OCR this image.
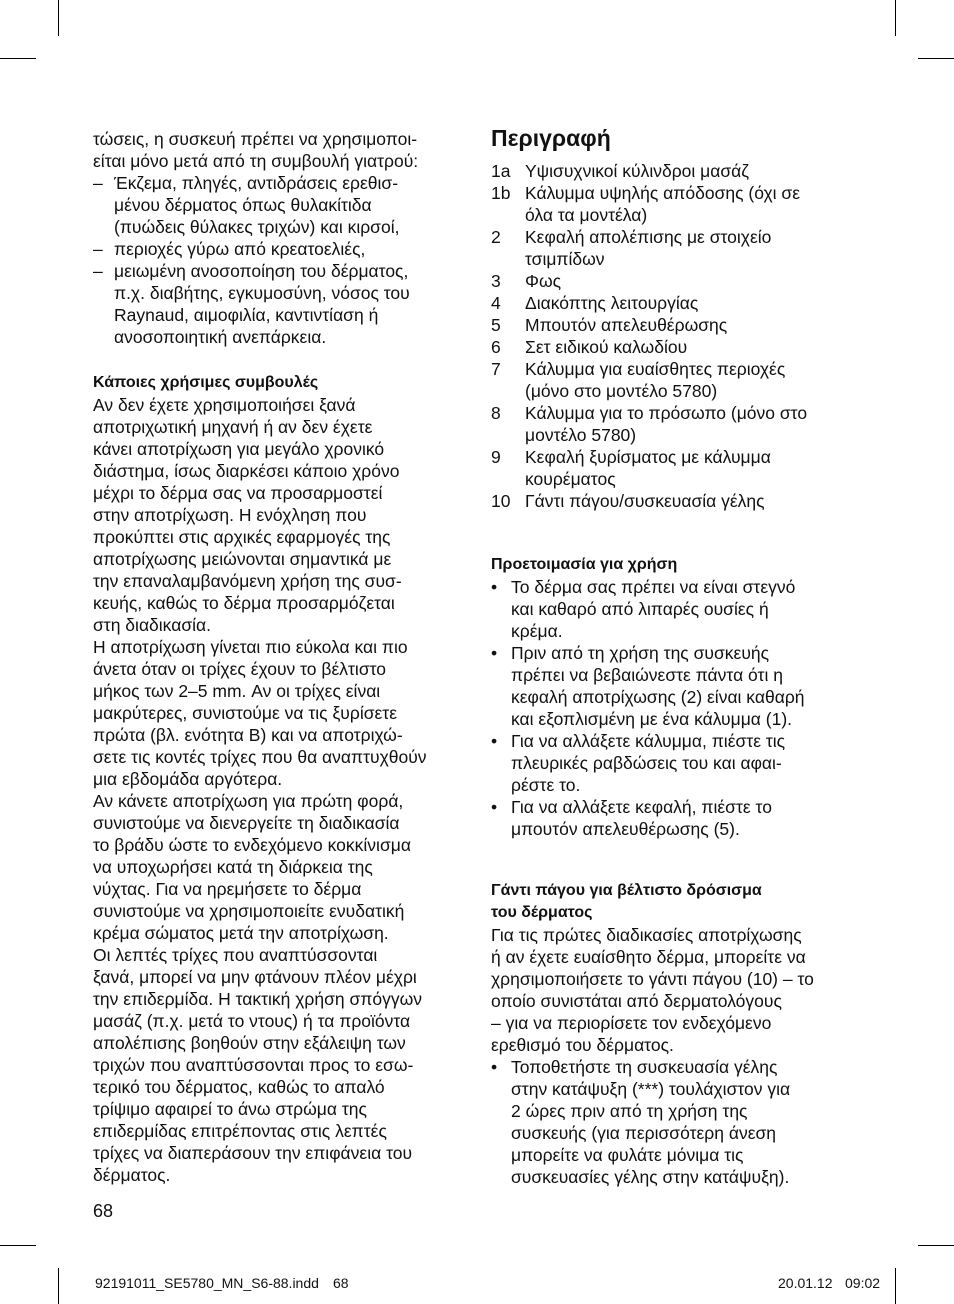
τώσεις, η συσκευή πρέπει να χρησιμοποι-
είται μόνο μετά από τη συμβουλή γιατρού:
– Έκζεμα, πληγές, αντιδράσεις ερεθισ-
μένου δέρματος όπως θυλακίτιδα
(πυώδεις θύλακες τριχών) και κιρσοί,
– περιοχές γύρω από κρεατοελιές,
– μειωμένη ανοσοποίηση του δέρματος,
π.χ. διαβήτης, εγκυμοσύνη, νόσος του
Raynaud, αιμοφιλία, καντιντίαση ή
ανοσοποιητική ανεπάρκεια.
Κάποιες χρήσιμες συμβουλές
Αν δεν έχετε χρησιμοποιήσει ξανά
αποτριχωτική μηχανή ή αν δεν έχετε
κάνει αποτρίχωση για μεγάλο χρονικό
διάστημα, ίσως διαρκέσει κάποιο χρόνο
μέχρι το δέρμα σας να προσαρμοστεί
στην αποτρίχωση. Η ενόχληση που
προκύπτει στις αρχικές εφαρμογές της
αποτρίχωσης μειώνονται σημαντικά με
την επαναλαμβανόμενη χρήση της συσ-
κευής, καθώς το δέρμα προσαρμόζεται
στη διαδικασία.
Η αποτρίχωση γίνεται πιο εύκολα και πιο
άνετα όταν οι τρίχες έχουν το βέλτιστο
μήκος των 2–5 mm. Αν οι τρίχες είναι
μακρύτερες, συνιστούμε να τις ξυρίσετε
πρώτα (βλ. ενότητα B) και να αποτριχώ-
σετε τις κοντές τρίχες που θα αναπτυχθούν
μια εβδομάδα αργότερα.
Αν κάνετε αποτρίχωση για πρώτη φορά,
συνιστούμε να διενεργείτε τη διαδικασία
το βράδυ ώστε το ενδεχόμενο κοκκίνισμα
να υποχωρήσει κατά τη διάρκεια της
νύχτας. Για να ηρεμήσετε το δέρμα
συνιστούμε να χρησιμοποιείτε ενυδατική
κρέμα σώματος μετά την αποτρίχωση.
Οι λεπτές τρίχες που αναπτύσσονται
ξανά, μπορεί να μην φτάνουν πλέον μέχρι
την επιδερμίδα. Η τακτική χρήση σπόγγων
μασάζ (π.χ. μετά το ντους) ή τα προϊόντα
απολέπισης βοηθούν στην εξάλειψη των
τριχών που αναπτύσσονται προς το εσω-
τερικό του δέρματος, καθώς το απαλό
τρίψιμο αφαιρεί το άνω στρώμα της
επιδερμίδας επιτρέποντας στις λεπτές
τρίχες να διαπεράσουν την επιφάνεια του
δέρματος.
Περιγραφή
1a Υψισυχνικοί κύλινδροι μασάζ
1b Κάλυμμα υψηλής απόδοσης (όχι σε
όλα τα μοντέλα)
2 Κεφαλή απολέπισης με στοιχείο
τσιμπίδων
3 Φως
4 Διακόπτης λειτουργίας
5 Μπουτόν απελευθέρωσης
6 Σετ ειδικού καλωδίου
7 Κάλυμμα για ευαίσθητες περιοχές
(μόνο στο μοντέλο 5780)
8 Κάλυμμα για το πρόσωπο (μόνο στο
μοντέλο 5780)
9 Κεφαλή ξυρίσματος με κάλυμμα
κουρέματος
10 Γάντι πάγου/συσκευασία γέλης
Προετοιμασία για χρήση
• Το δέρμα σας πρέπει να είναι στεγνό
και καθαρό από λιπαρές ουσίες ή
κρέμα.
• Πριν από τη χρήση της συσκευής
πρέπει να βεβαιώνεστε πάντα ότι η
κεφαλή αποτρίχωσης (2) είναι καθαρή
και εξοπλισμένη με ένα κάλυμμα (1).
• Για να αλλάξετε κάλυμμα, πιέστε τις
πλευρικές ραβδώσεις του και αφαι-
ρέστε το.
• Για να αλλάξετε κεφαλή, πιέστε το
μπουτόν απελευθέρωσης (5).
Γάντι πάγου για βέλτιστο δρόσισμα
του δέρματος
Για τις πρώτες διαδικασίες αποτρίχωσης
ή αν έχετε ευαίσθητο δέρμα, μπορείτε να
χρησιμοποιήσετε το γάντι πάγου (10) – το
οποίο συνιστάται από δερματολόγους
– για να περιορίσετε τον ενδεχόμενο
ερεθισμό του δέρματος.
• Τοποθετήστε τη συσκευασία γέλης
στην κατάψυξη (***) τουλάχιστον για
2 ώρες πριν από τη χρήση της
συσκευής (για περισσότερη άνεση
μπορείτε να φυλάτε μόνιμα τις
συσκευασίες γέλης στην κατάψυξη).
68
92191011_SE5780_MN_S6-88.indd 68	20.01.12 09:02
